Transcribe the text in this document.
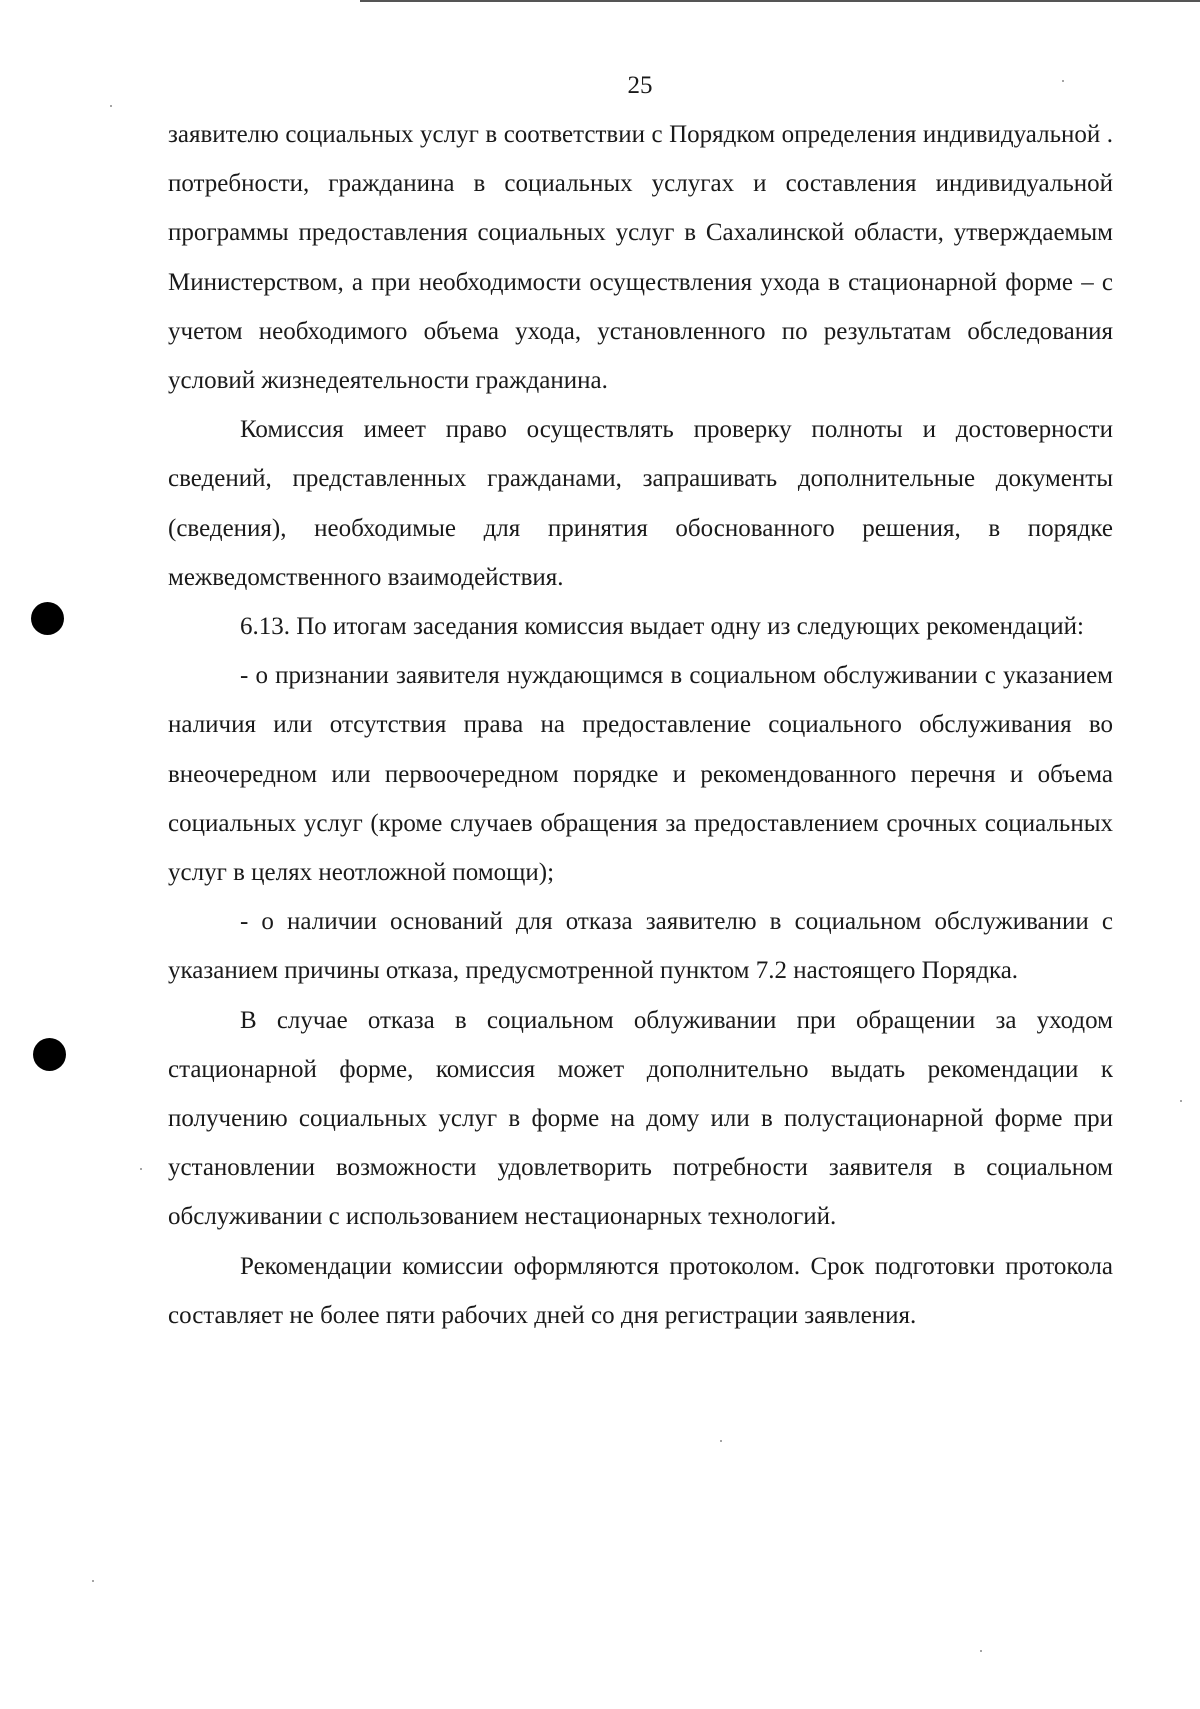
25

заявителю социальных услуг в соответствии с Порядком определения индивидуальной . потребности, гражданина в социальных услугах и составления индивидуальной программы предоставления социальных услуг в Сахалинской области, утверждаемым Министерством, а при необходимости осуществления ухода в стационарной форме – с учетом необходимого объема ухода, установленного по результатам обследования условий жизнедеятельности гражданина.

Комиссия имеет право осуществлять проверку полноты и достоверности сведений, представленных гражданами, запрашивать дополнительные документы (сведения), необходимые для принятия обоснованного решения, в порядке межведомственного взаимодействия.

6.13. По итогам заседания комиссия выдает одну из следующих рекомендаций:

- о признании заявителя нуждающимся в социальном обслуживании с указанием наличия или отсутствия права на предоставление социального обслуживания во внеочередном или первоочередном порядке и рекомендованного перечня и объема социальных услуг (кроме случаев обращения за предоставлением срочных социальных услуг в целях неотложной помощи);

- о наличии оснований для отказа заявителю в социальном обслуживании с указанием причины отказа, предусмотренной пунктом 7.2 настоящего Порядка.

В случае отказа в социальном облуживании при обращении за уходом стационарной форме, комиссия может дополнительно выдать рекомендации к получению социальных услуг в форме на дому или в полустационарной форме при установлении возможности удовлетворить потребности заявителя в социальном обслуживании с использованием нестационарных технологий.

Рекомендации комиссии оформляются протоколом. Срок подготовки протокола составляет не более пяти рабочих дней со дня регистрации заявления.
